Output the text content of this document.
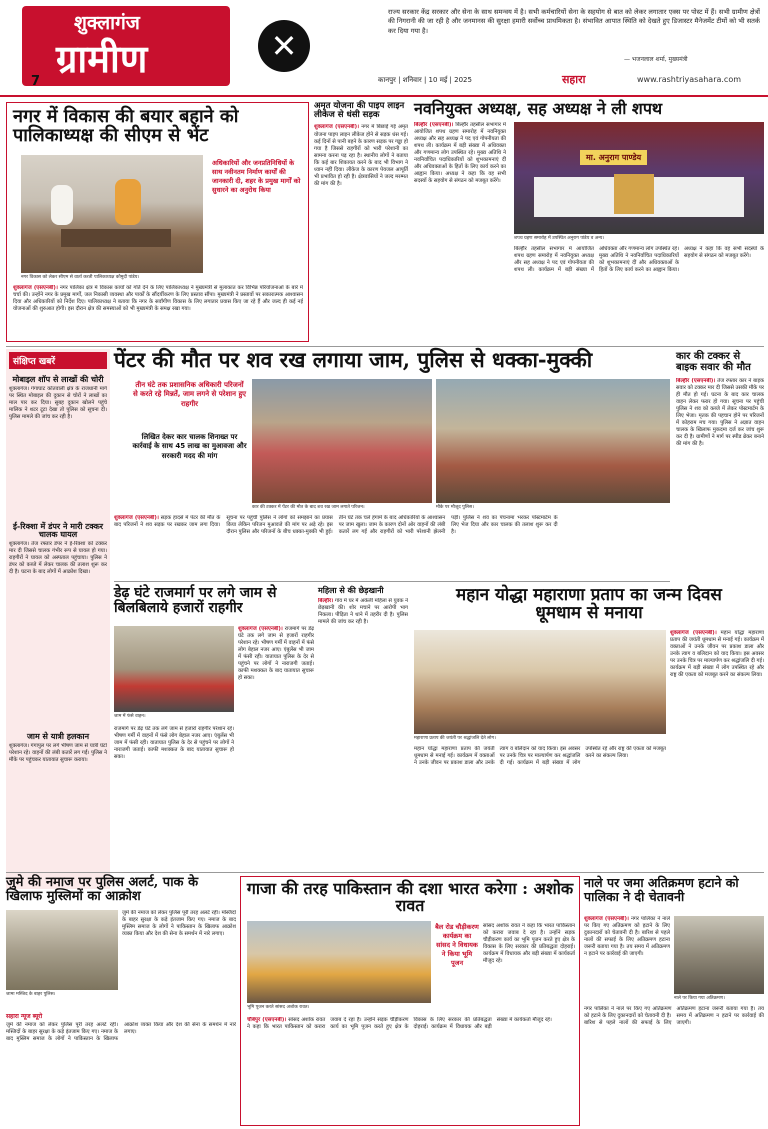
शुक्लागंज
ग्रामीण
7
✕
राज्य सरकार केंद्र सरकार और सेना के साथ समन्वय में है। सभी कर्मचारियों सेना के सहयोग से बात को लेकर लगातार एक्स पर पोस्ट में हैं। सभी ग्रामीण क्षेत्रों की निगरानी की जा रही है और जनमानस की सुरक्षा हमारी सर्वोच्च प्राथमिकता है। संभावित आपात स्थिति को देखते हुए डिजास्टर मैनेजमेंट टीमों को भी सतर्क कर दिया गया है।
— भजनलाल शर्मा, मुख्यमंत्री
कानपुर | शनिवार | 10 मई | 2025	सहारा	www.rashtriyasahara.com
नगर में विकास की बयार बहाने को पालिकाध्यक्ष की सीएम से भेंट
अधिकारियों और जनप्रतिनिधियों के साथ नवीनतम निर्माण कार्यों की जानकारी दी, शहर के प्रमुख मार्गों को सुधारने का अनुरोध किया
नगर विकास को लेकर सीएम से वार्ता करती पालिकाध्यक्ष कौमुदी पांडेय।
शुक्लागंज (एसएनबी)। नगर पालिका क्षेत्र में विकास कार्यों को गति देने के लिए पालिकाध्यक्ष ने मुख्यमंत्री से मुलाकात कर विभिन्न परियोजनाओं के बारे में चर्चा की। उन्होंने नगर के प्रमुख मार्गों, जल निकासी व्यवस्था और पार्कों के सौंदर्यीकरण के लिए प्रस्ताव सौंपा। मुख्यमंत्री ने प्रस्तावों पर सकारात्मक आश्वासन दिया और अधिकारियों को निर्देश दिए। पालिकाध्यक्ष ने बताया कि नगर के सर्वांगीण विकास के लिए लगातार प्रयास किए जा रहे हैं और जल्द ही कई नई योजनाओं की शुरुआत होगी। इस दौरान क्षेत्र की समस्याओं को भी मुख्यमंत्री के समक्ष रखा गया।
अमृत योजना की पाइप लाइन लीकेज से धंसी सड़क
शुक्लागंज (एसएनबी)। नगर में बिछाई गई अमृत योजना पाइप लाइन लीकेज होने से सड़क धंस गई। कई दिनों से पानी बहने के कारण सड़क पर गड्ढा हो गया है जिससे राहगीरों को भारी परेशानी का सामना करना पड़ रहा है। स्थानीय लोगों ने बताया कि कई बार शिकायत करने के बाद भी विभाग ने ध्यान नहीं दिया। लीकेज के कारण पेयजल आपूर्ति भी प्रभावित हो रही है। क्षेत्रवासियों ने जल्द मरम्मत की मांग की है।
नवनियुक्त अध्यक्ष, सह अध्यक्ष ने ली शपथ
बिल्हौर (एसएनबी)। बिल्हौर तहसील सभागार में आयोजित शपथ ग्रहण समारोह में नवनियुक्त अध्यक्ष और सह अध्यक्ष ने पद एवं गोपनीयता की शपथ ली। कार्यक्रम में बड़ी संख्या में अधिवक्ता और गणमान्य लोग उपस्थित रहे। मुख्य अतिथि ने नवनिर्वाचित पदाधिकारियों को शुभकामनाएं दीं और अधिवक्ताओं के हितों के लिए कार्य करने का आह्वान किया। अध्यक्ष ने कहा कि वह सभी सदस्यों के सहयोग से संगठन को मजबूत करेंगे।
मा. अनुराग पाण्डेय
शपथ ग्रहण समारोह में उपस्थित अनुराग पांडेय व अन्य।
बिल्हौर तहसील सभागार में आयोजित शपथ ग्रहण समारोह में नवनियुक्त अध्यक्ष और सह अध्यक्ष ने पद एवं गोपनीयता की शपथ ली। कार्यक्रम में बड़ी संख्या में अधिवक्ता और गणमान्य लोग उपस्थित रहे। मुख्य अतिथि ने नवनिर्वाचित पदाधिकारियों को शुभकामनाएं दीं और अधिवक्ताओं के हितों के लिए कार्य करने का आह्वान किया। अध्यक्ष ने कहा कि वह सभी सदस्यों के सहयोग से संगठन को मजबूत करेंगे।
संक्षिप्त खबरें
मोबाइल शॉप से लाखों की चोरी
शुक्लागंज। गंगाघाट कोतवाली क्षेत्र के राजधानी मार्ग पर स्थित मोबाइल की दुकान से चोरों ने लाखों का माल पार कर दिया। सुबह दुकान खोलने पहुंचे मालिक ने शटर टूटा देखा तो पुलिस को सूचना दी। पुलिस मामले की जांच कर रही है।
ई-रिक्शा में डंपर ने मारी टक्कर चालक घायल
शुक्लागंज। तेज रफ्तार डंपर ने ई-रिक्शा को टक्कर मार दी जिससे चालक गंभीर रूप से घायल हो गया। राहगीरों ने घायल को अस्पताल पहुंचाया। पुलिस ने डंपर को कब्जे में लेकर चालक की तलाश शुरू कर दी है। घटना के बाद लोगों में आक्रोश दिखा।
जाम से यात्री हलकान
शुक्लागंज। गंगापुल पर लगे भीषण जाम से यात्री घंटों परेशान रहे। वाहनों की लंबी कतारें लग गईं। पुलिस ने मौके पर पहुंचकर यातायात सुचारू कराया।
पेंटर की मौत पर शव रख लगाया जाम, पुलिस से धक्का-मुक्की
तीन घंटे तक प्रशासनिक अधिकारी परिजनों से करते रहे मिन्नतें, जाम लगने से परेशान हुए राहगीर
लिखित देकर कार चालक शिनाख्त पर कार्रवाई के साथ 45 लाख का मुआवजा और सरकारी मदद की मांग
कार की टक्कर में पेंटर की मौत के बाद शव रख जाम लगाते परिजन।	मौके पर मौजूद पुलिस।
शुक्लागंज (एसएनबी)। सड़क हादसे में पेंटर की मौत के बाद परिजनों ने शव सड़क पर रखकर जाम लगा दिया। सूचना पर पहुंची पुलिस ने लोगों को समझाने का प्रयास किया लेकिन परिजन मुआवजे की मांग पर अड़े रहे। इस दौरान पुलिस और परिजनों के बीच धक्का-मुक्की भी हुई। तीन घंटे तक चले हंगामे के बाद अधिकारियों के आश्वासन पर जाम खुला। जाम के कारण दोनों ओर वाहनों की लंबी कतारें लग गईं और राहगीरों को भारी परेशानी झेलनी पड़ी। पुलिस ने शव का पंचनामा भरकर पोस्टमार्टम के लिए भेज दिया और कार चालक की तलाश शुरू कर दी है।
कार की टक्कर से बाइक सवार की मौत
बिल्हौर (एसएनबी)। तेज रफ्तार कार ने बाइक सवार को टक्कर मार दी जिससे उसकी मौके पर ही मौत हो गई। घटना के बाद कार चालक वाहन लेकर फरार हो गया। सूचना पर पहुंची पुलिस ने शव को कब्जे में लेकर पोस्टमार्टम के लिए भेजा। मृतक की पहचान होने पर परिजनों में कोहराम मच गया। पुलिस ने अज्ञात वाहन चालक के खिलाफ मुकदमा दर्ज कर जांच शुरू कर दी है। ग्रामीणों ने मार्ग पर स्पीड ब्रेकर बनाने की मांग की है।
डेढ़ घंटे राजमार्ग पर लगे जाम से बिलबिलाये हजारों राहगीर
जाम में फंसे वाहन।
शुक्लागंज (एसएनबी)। राजमार्ग पर डेढ़ घंटे तक लगे जाम से हजारों राहगीर परेशान रहे। भीषण गर्मी में वाहनों में फंसे लोग बेहाल नजर आए। एंबुलेंस भी जाम में फंसी रही। यातायात पुलिस के देर से पहुंचने पर लोगों ने नाराजगी जताई। काफी मशक्कत के बाद यातायात सुचारू हो सका।
राजमार्ग पर डेढ़ घंटे तक लगे जाम से हजारों राहगीर परेशान रहे। भीषण गर्मी में वाहनों में फंसे लोग बेहाल नजर आए। एंबुलेंस भी जाम में फंसी रही। यातायात पुलिस के देर से पहुंचने पर लोगों ने नाराजगी जताई। काफी मशक्कत के बाद यातायात सुचारू हो सका।
महिला से की छेड़खानी
बिल्हौर। गांव में घर में अकेली महिला से युवक ने छेड़खानी की। शोर मचाने पर आरोपी भाग निकला। पीड़िता ने थाने में तहरीर दी है। पुलिस मामले की जांच कर रही है।
महान योद्धा महाराणा प्रताप का जन्म दिवस धूमधाम से मनाया
महाराणा प्रताप की जयंती पर श्रद्धांजलि देते लोग।
शुक्लागंज (एसएनबी)। महान योद्धा महाराणा प्रताप की जयंती धूमधाम से मनाई गई। कार्यक्रम में वक्ताओं ने उनके जीवन पर प्रकाश डाला और उनके त्याग व बलिदान को याद किया। इस अवसर पर उनके चित्र पर माल्यार्पण कर श्रद्धांजलि दी गई। कार्यक्रम में बड़ी संख्या में लोग उपस्थित रहे और राष्ट्र की एकता को मजबूत करने का संकल्प लिया।
महान योद्धा महाराणा प्रताप की जयंती धूमधाम से मनाई गई। कार्यक्रम में वक्ताओं ने उनके जीवन पर प्रकाश डाला और उनके त्याग व बलिदान को याद किया। इस अवसर पर उनके चित्र पर माल्यार्पण कर श्रद्धांजलि दी गई। कार्यक्रम में बड़ी संख्या में लोग उपस्थित रहे और राष्ट्र की एकता को मजबूत करने का संकल्प लिया।
जुमे की नमाज पर पुलिस अलर्ट, पाक के खिलाफ मुस्लिमों का आक्रोश
जामा मस्जिद के बाहर पुलिस।
जुमे की नमाज को लेकर पुलिस पूरी तरह अलर्ट रही। मस्जिदों के बाहर सुरक्षा के कड़े इंतजाम किए गए। नमाज के बाद मुस्लिम समाज के लोगों ने पाकिस्तान के खिलाफ आक्रोश व्यक्त किया और देश की सेना के समर्थन में नारे लगाए।
सहारा न्यूज ब्यूरो
जुमे की नमाज को लेकर पुलिस पूरी तरह अलर्ट रही। मस्जिदों के बाहर सुरक्षा के कड़े इंतजाम किए गए। नमाज के बाद मुस्लिम समाज के लोगों ने पाकिस्तान के खिलाफ आक्रोश व्यक्त किया और देश की सेना के समर्थन में नारे लगाए।
गाजा की तरह पाकिस्तान की दशा भारत करेगा : अशोक रावत
बैल रोड चौड़ीकरण कार्यक्रम का सांसद ने विधायक ने किया भूमि पूजन
भूमि पूजन करते सांसद अशोक रावत।
सांसद अशोक रावत ने कहा कि भारत पाकिस्तान को करारा जवाब दे रहा है। उन्होंने सड़क चौड़ीकरण कार्य का भूमि पूजन करते हुए क्षेत्र के विकास के लिए सरकार की प्रतिबद्धता दोहराई। कार्यक्रम में विधायक और बड़ी संख्या में कार्यकर्ता मौजूद रहे।
चौबेपुर (एसएनबी)। सांसद अशोक रावत ने कहा कि भारत पाकिस्तान को करारा जवाब दे रहा है। उन्होंने सड़क चौड़ीकरण कार्य का भूमि पूजन करते हुए क्षेत्र के विकास के लिए सरकार की प्रतिबद्धता दोहराई। कार्यक्रम में विधायक और बड़ी संख्या में कार्यकर्ता मौजूद रहे।
नाले पर जमा अतिक्रमण हटाने को पालिका ने दी चेतावनी
शुक्लागंज (एसएनबी)। नगर पालिका ने नाले पर किए गए अतिक्रमण को हटाने के लिए दुकानदारों को चेतावनी दी है। बारिश से पहले नालों की सफाई के लिए अतिक्रमण हटाना जरूरी बताया गया है। तय समय में अतिक्रमण न हटाने पर कार्रवाई की जाएगी।
नाले पर किया गया अतिक्रमण।
नगर पालिका ने नाले पर किए गए अतिक्रमण को हटाने के लिए दुकानदारों को चेतावनी दी है। बारिश से पहले नालों की सफाई के लिए अतिक्रमण हटाना जरूरी बताया गया है। तय समय में अतिक्रमण न हटाने पर कार्रवाई की जाएगी।
